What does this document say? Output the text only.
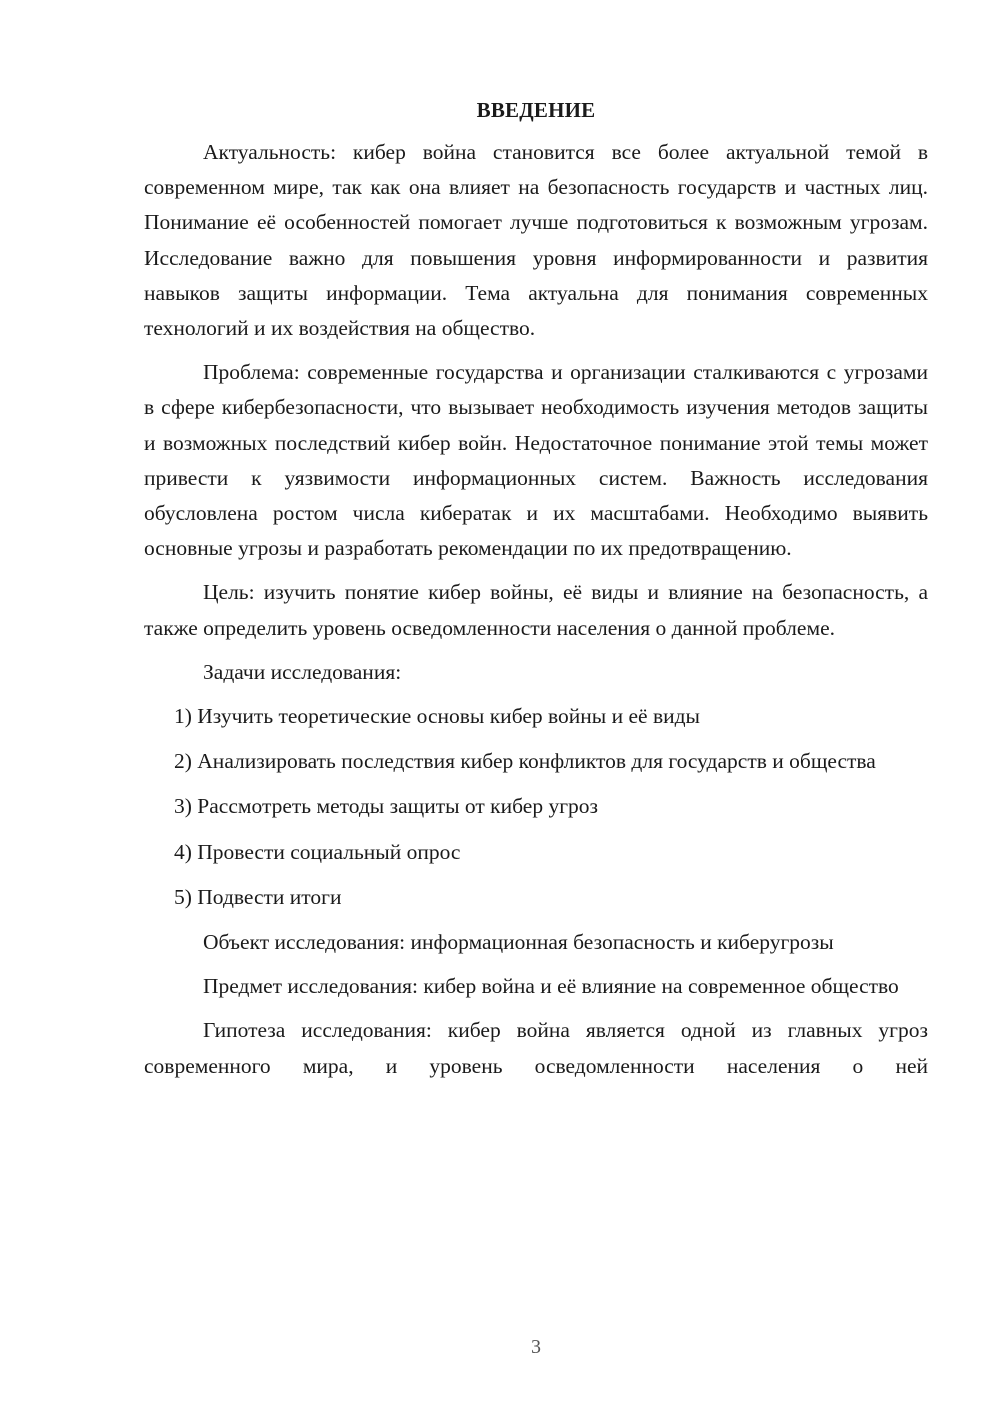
ВВЕДЕНИЕ

Актуальность: кибер война становится все более актуальной темой в современном мире, так как она влияет на безопасность государств и частных лиц. Понимание её особенностей помогает лучше подготовиться к возможным угрозам. Исследование важно для повышения уровня информированности и развития навыков защиты информации. Тема актуальна для понимания современных технологий и их воздействия на общество.

Проблема: современные государства и организации сталкиваются с угрозами в сфере кибербезопасности, что вызывает необходимость изучения методов защиты и возможных последствий кибер войн. Недостаточное понимание этой темы может привести к уязвимости информационных систем. Важность исследования обусловлена ростом числа кибератак и их масштабами. Необходимо выявить основные угрозы и разработать рекомендации по их предотвращению.

Цель: изучить понятие кибер войны, её виды и влияние на безопасность, а также определить уровень осведомленности населения о данной проблеме.

Задачи исследования:

1) Изучить теоретические основы кибер войны и её виды

2) Анализировать последствия кибер конфликтов для государств и общества

3) Рассмотреть методы защиты от кибер угроз

4) Провести социальный опрос

5) Подвести итоги

Объект исследования: информационная безопасность и киберугрозы

Предмет исследования: кибер война и её влияние на современное общество

Гипотеза исследования: кибер война является одной из главных угроз современного мира, и уровень осведомленности населения о ней

3
